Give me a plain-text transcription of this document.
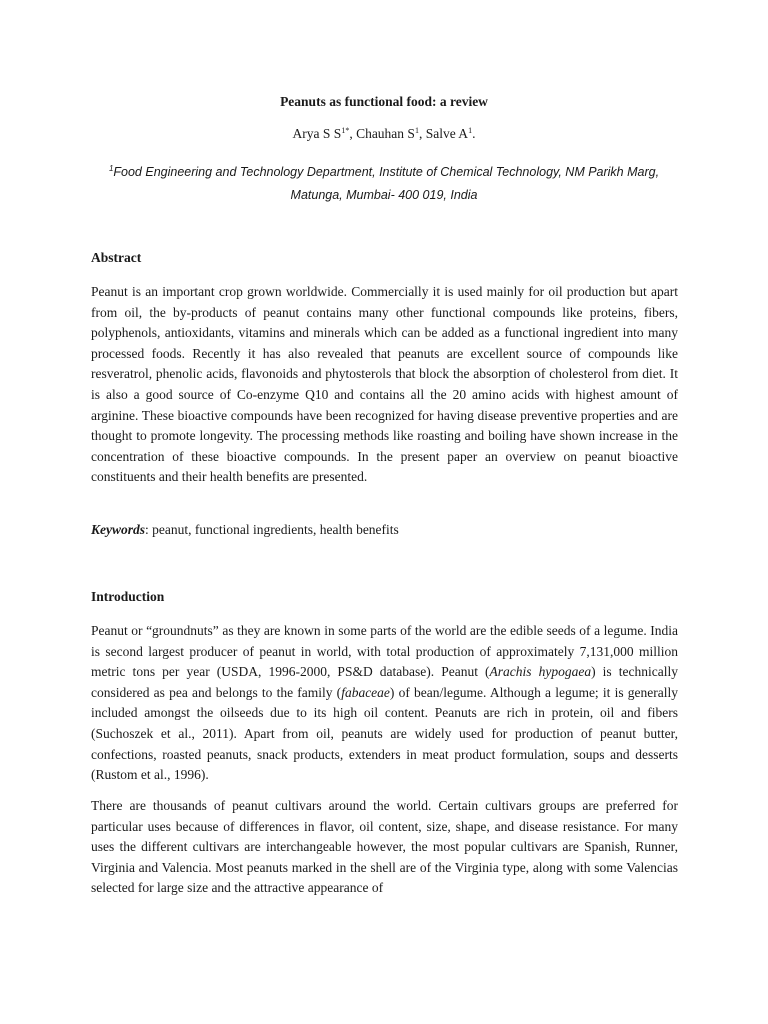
Peanuts as functional food: a review
Arya S $S^{1*}$, Chauhan $S^1$, Salve $A^1$.
$^1$Food Engineering and Technology Department, Institute of Chemical Technology, NM Parikh Marg,
Matunga, Mumbai- 400 019, India
Abstract

Peanut is an important crop grown worldwide. Commercially it is used mainly for oil production but apart from oil, the by-products of peanut contains many other functional compounds like proteins, fibers, polyphenols, antioxidants, vitamins and minerals which can be added as a functional ingredient into many processed foods. Recently it has also revealed that peanuts are excellent source of compounds like resveratrol, phenolic acids, flavonoids and phytosterols that block the absorption of cholesterol from diet. It is also a good source of Co-enzyme Q10 and contains all the 20 amino acids with highest amount of arginine. These bioactive compounds have been recognized for having disease preventive properties and are thought to promote longevity. The processing methods like roasting and boiling have shown increase in the concentration of these bioactive compounds. In the present paper an overview on peanut bioactive constituents and their health benefits are presented.

Keywords: peanut, functional ingredients, health benefits
Introduction

Peanut or “groundnuts” as they are known in some parts of the world are the edible seeds of a legume. India is second largest producer of peanut in world, with total production of approximately 7,131,000 million metric tons per year (USDA, 1996-2000, PS&D database). Peanut (Arachis hypogaea) is technically considered as pea and belongs to the family (fabaceae) of bean/legume. Although a legume; it is generally included amongst the oilseeds due to its high oil content. Peanuts are rich in protein, oil and fibers (Suchoszek et al., 2011). Apart from oil, peanuts are widely used for production of peanut butter, confections, roasted peanuts, snack products, extenders in meat product formulation, soups and desserts (Rustom et al., 1996).

There are thousands of peanut cultivars around the world. Certain cultivars groups are preferred for particular uses because of differences in flavor, oil content, size, shape, and disease resistance. For many uses the different cultivars are interchangeable however, the most popular cultivars are Spanish, Runner, Virginia and Valencia. Most peanuts marked in the shell are of the Virginia type, along with some Valencias selected for large size and the attractive appearance of
